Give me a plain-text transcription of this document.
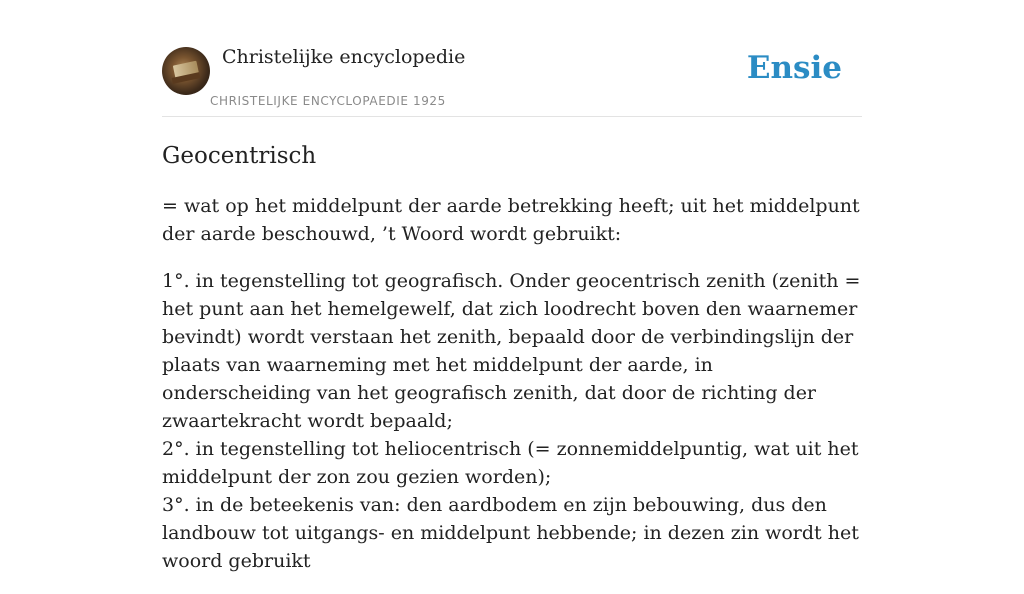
Christelijke encyclopedie
CHRISTELIJKE ENCYCLOPAEDIE 1925
Ensie
Geocentrisch

= wat op het middelpunt der aarde betrekking heeft; uit het middelpunt der aarde beschouwd, ’t Woord wordt gebruikt:

1°. in tegenstelling tot geografisch. Onder geocentrisch zenith (zenith = het punt aan het hemelgewelf, dat zich loodrecht boven den waarnemer bevindt) wordt verstaan het zenith, bepaald door de verbindingslijn der plaats van waarneming met het middelpunt der aarde, in onderscheiding van het geografisch zenith, dat door de richting der zwaartekracht wordt bepaald;
2°. in tegenstelling tot heliocentrisch (= zonnemiddelpuntig, wat uit het middelpunt der zon zou gezien worden);
3°. in de beteekenis van: den aardbodem en zijn bebouwing, dus den landbouw tot uitgangs- en middelpunt hebbende; in dezen zin wordt het woord gebruikt
